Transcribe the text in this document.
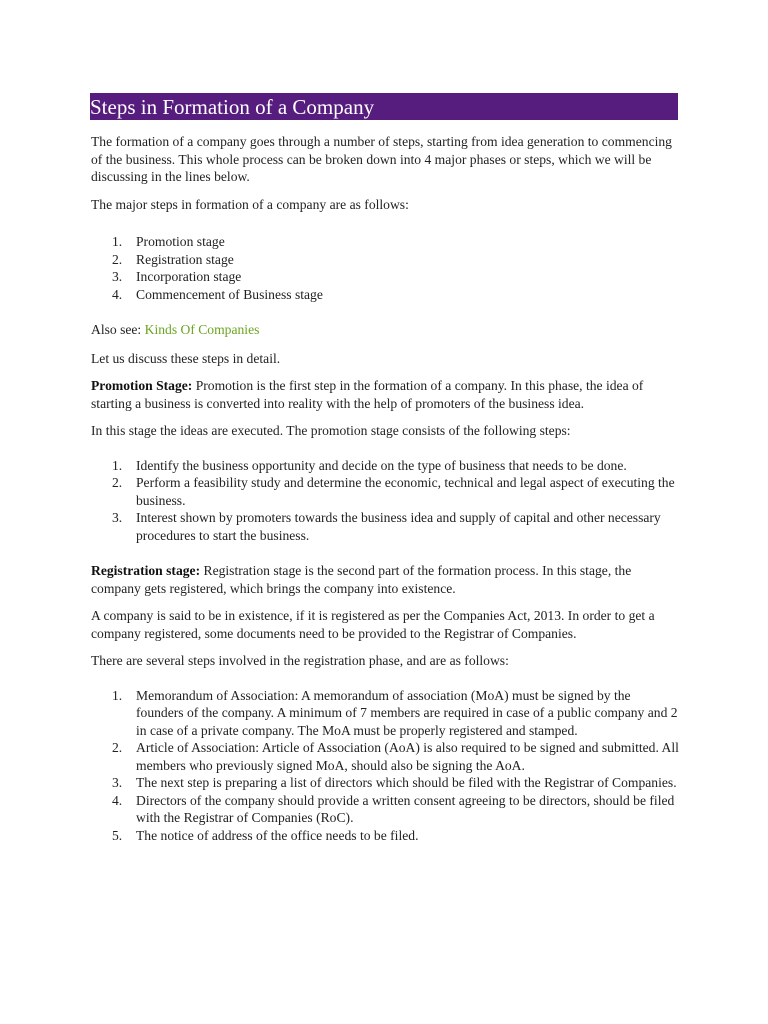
Steps in Formation of a Company

The formation of a company goes through a number of steps, starting from idea generation to commencing of the business. This whole process can be broken down into 4 major phases or steps, which we will be discussing in the lines below.

The major steps in formation of a company are as follows:

1.	Promotion stage
2.	Registration stage
3.	Incorporation stage
4.	Commencement of Business stage

Also see: Kinds Of Companies

Let us discuss these steps in detail.

Promotion Stage: Promotion is the first step in the formation of a company. In this phase, the idea of starting a business is converted into reality with the help of promoters of the business idea.

In this stage the ideas are executed. The promotion stage consists of the following steps:

1.	Identify the business opportunity and decide on the type of business that needs to be done.
2.	Perform a feasibility study and determine the economic, technical and legal aspect of executing the business.
3.	Interest shown by promoters towards the business idea and supply of capital and other necessary procedures to start the business.

Registration stage: Registration stage is the second part of the formation process. In this stage, the company gets registered, which brings the company into existence.

A company is said to be in existence, if it is registered as per the Companies Act, 2013. In order to get a company registered, some documents need to be provided to the Registrar of Companies.

There are several steps involved in the registration phase, and are as follows:

1.	Memorandum of Association: A memorandum of association (MoA) must be signed by the founders of the company. A minimum of 7 members are required in case of a public company and 2 in case of a private company. The MoA must be properly registered and stamped.
2.	Article of Association: Article of Association (AoA) is also required to be signed and submitted. All members who previously signed MoA, should also be signing the AoA.
3.	The next step is preparing a list of directors which should be filed with the Registrar of Companies.
4.	Directors of the company should provide a written consent agreeing to be directors, should be filed with the Registrar of Companies (RoC).
5.	The notice of address of the office needs to be filed.
